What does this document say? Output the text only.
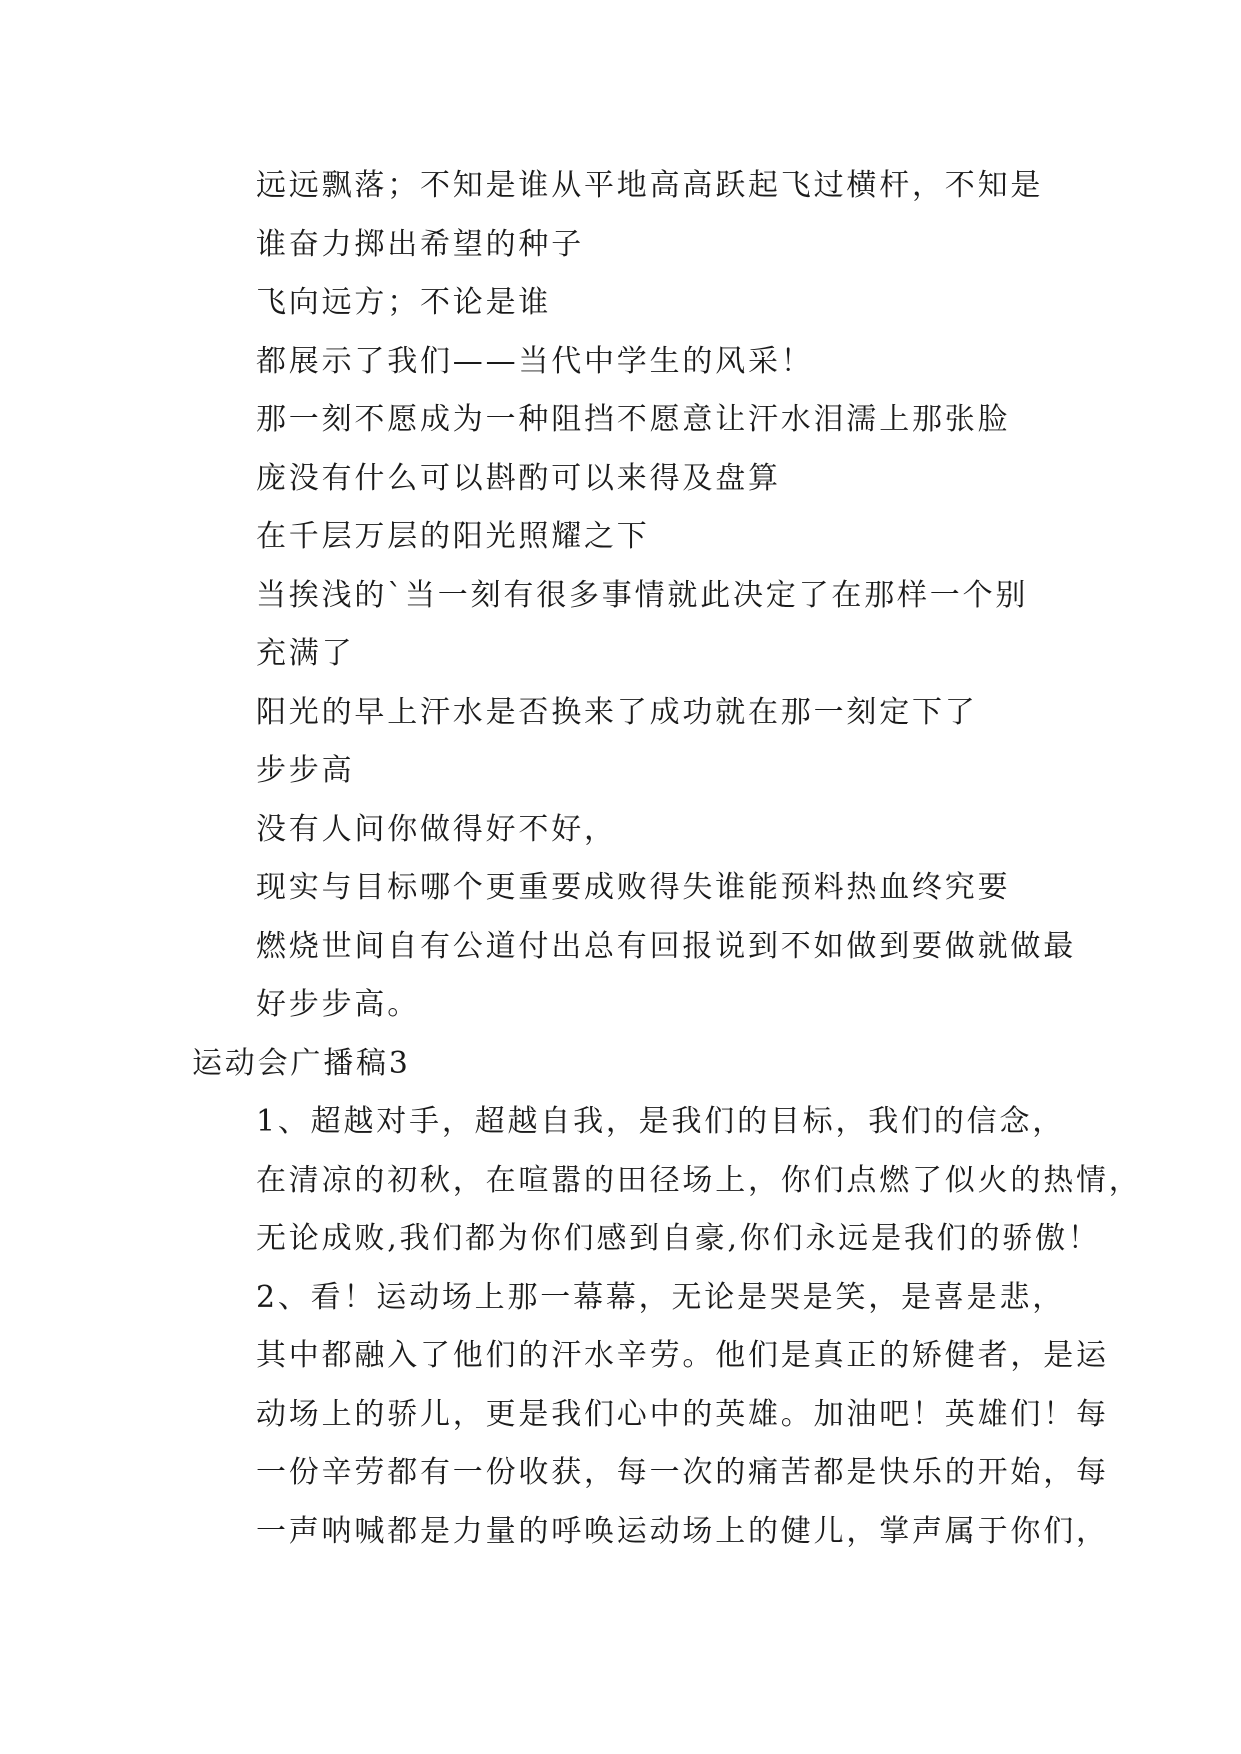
远远飘落；不知是谁从平地高高跃起飞过横杆，不知是
谁奋力掷出希望的种子

飞向远方；不论是谁

都展示了我们——当代中学生的风采！

那一刻不愿成为一种阻挡不愿意让汗水泪濡上那张脸
庞没有什么可以斟酌可以来得及盘算

在千层万层的阳光照耀之下

当挨浅的`当一刻有很多事情就此决定了在那样一个别
充满了

阳光的早上汗水是否换来了成功就在那一刻定下了

步步高

没有人问你做得好不好，

现实与目标哪个更重要成败得失谁能预料热血终究要
燃烧世间自有公道付出总有回报说到不如做到要做就做最
好步步高。

运动会广播稿3

1、超越对手，超越自我，是我们的目标，我们的信念，
在清凉的初秋，在喧嚣的田径场上，你们点燃了似火的热情，
无论成败,我们都为你们感到自豪,你们永远是我们的骄傲！

2、看！运动场上那一幕幕，无论是哭是笑，是喜是悲，
其中都融入了他们的汗水辛劳。他们是真正的矫健者，是运
动场上的骄儿，更是我们心中的英雄。加油吧！英雄们！每
一份辛劳都有一份收获，每一次的痛苦都是快乐的开始，每
一声呐喊都是力量的呼唤运动场上的健儿，掌声属于你们，
